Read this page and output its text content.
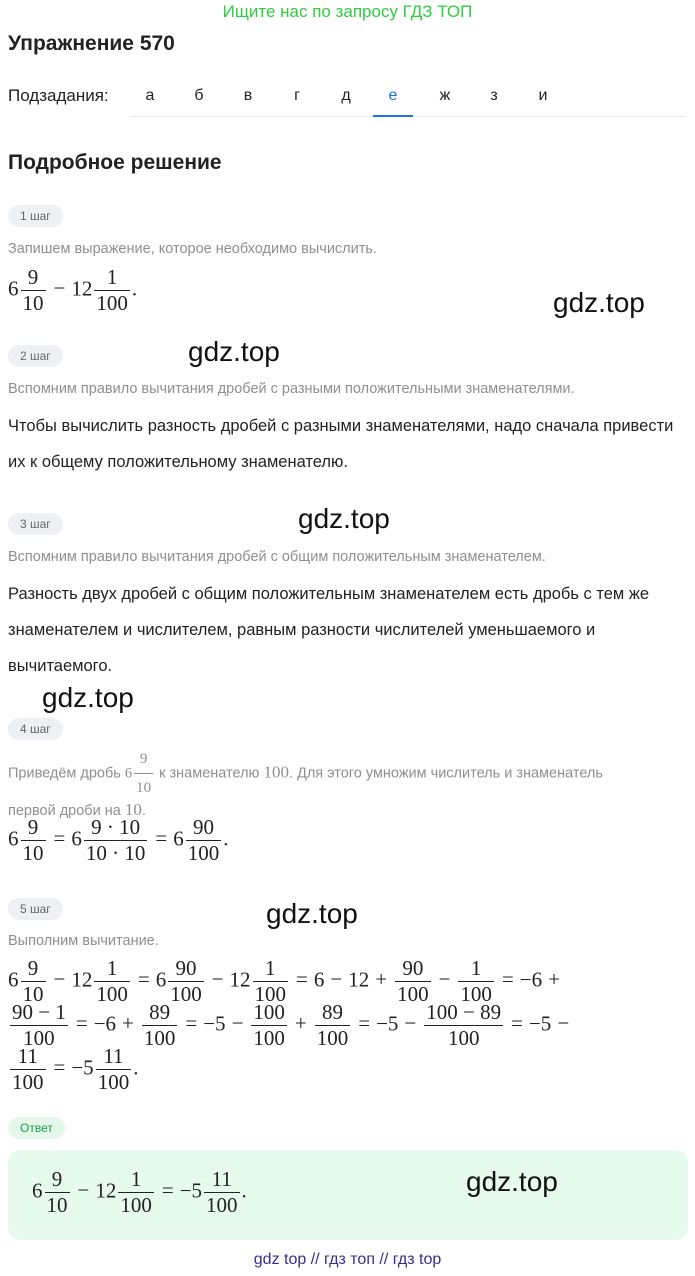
Ищите нас по запросу ГДЗ ТОП
Упражнение 570
Подзадания:	а	б	в	г	д	е	ж	з	и
Подробное решение
1 шаг
Запишем выражение, которое необходимо вычислить.
$6 \frac{9}{10} - 12 \frac{1}{100}$ .	gdz.top
gdz.top
2 шаг
Вспомним правило вычитания дробей с разными положительными знаменателями.
Чтобы вычислить разность дробей с разными знаменателями, надо сначала привести их к общему положительному знаменателю.
gdz.top
3 шаг
Вспомним правило вычитания дробей с общим положительным знаменателем.
Разность двух дробей с общим положительным знаменателем есть дробь с тем же знаменателем и числителем, равным разности числителей уменьшаемого и вычитаемого.
gdz.top
4 шаг
Приведём дробь $6 \frac{9}{10}$ к знаменателю 100. Для этого умножим числитель и знаменатель
первой дроби на 10.
$6 \frac{9}{10} = 6 \frac{9 \cdot 10}{10 \cdot 10} = 6 \frac{90}{100}$ .
5 шаг	gdz.top
Выполним вычитание.
$6 \frac{9}{10} - 12 \frac{1}{100} = 6 \frac{90}{100} - 12 \frac{1}{100} = 6 - 12 + \frac{90}{100} - \frac{1}{100} = -6$ +
$\frac{90 - 1}{100} = -6 + \frac{89}{100} = -5 - \frac{100}{100} + \frac{89}{100} = -5 - \frac{100 - 89}{100} = -5$ −
$\frac{11}{100} = -5 \frac{11}{100}$ .
Ответ
$6 \frac{9}{10} - 12 \frac{1}{100} = -5 \frac{11}{100}$ .	gdz.top
gdz top // гдз топ // гдз top
